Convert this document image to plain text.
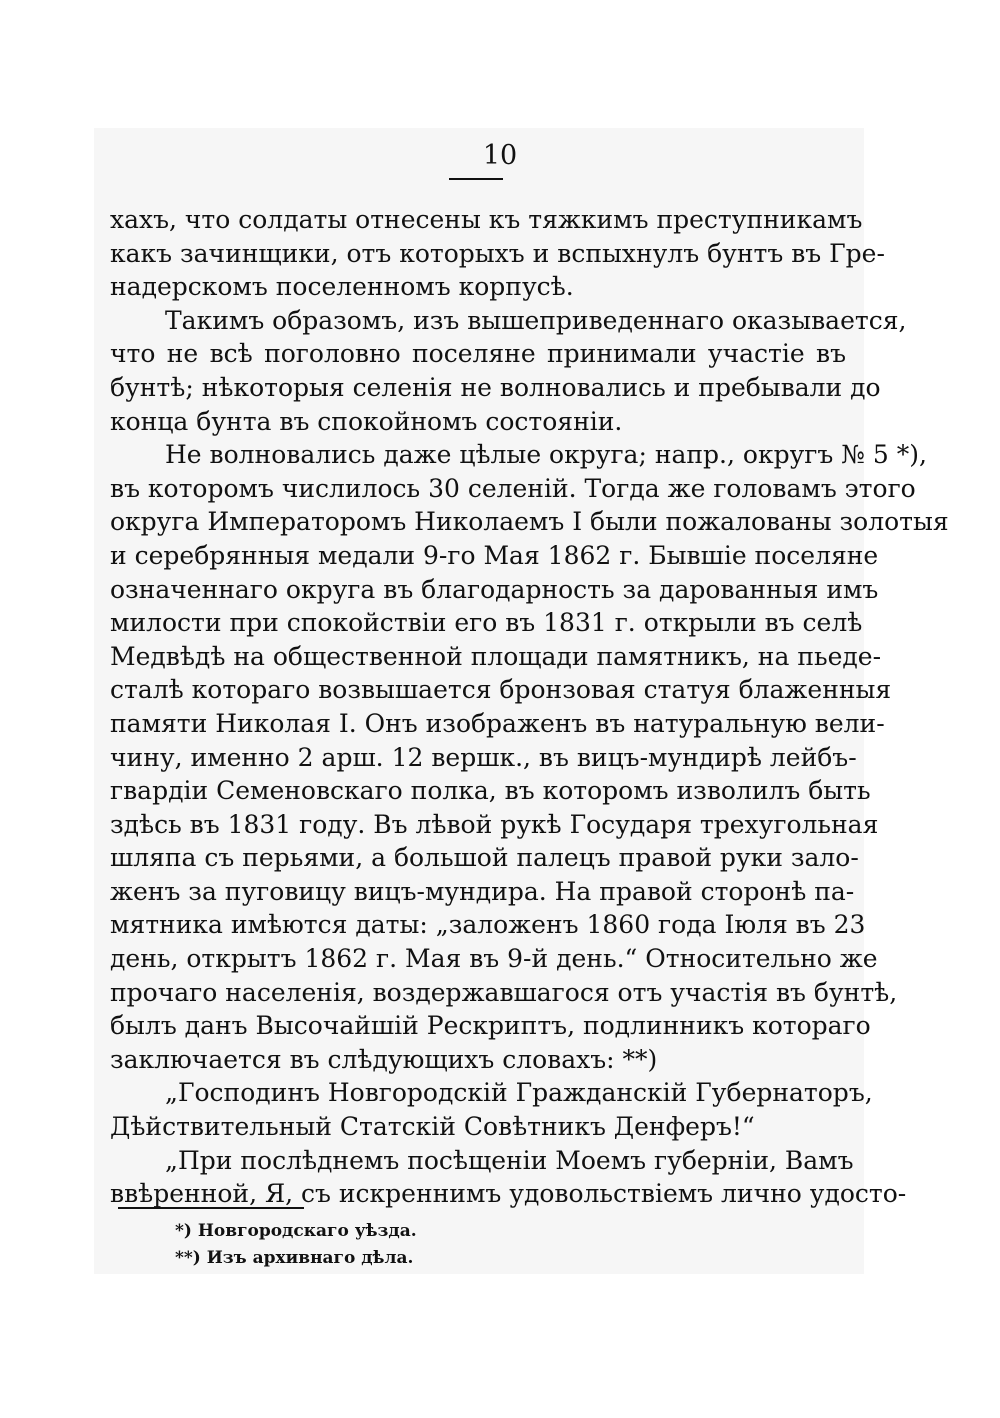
10
хахъ, что солдаты отнесены къ тяжкимъ преступникамъ
какъ зачинщики, отъ которыхъ и вспыхнулъ бунтъ въ Гре-
надерскомъ поселенномъ корпусѣ.
Такимъ образомъ, изъ вышеприведеннаго оказывается,
что не всѣ поголовно поселяне принимали участіе въ
бунтѣ; нѣкоторыя селенія не волновались и пребывали до
конца бунта въ спокойномъ состояніи.
Не волновались даже цѣлые округа; напр., округъ № 5 *),
въ которомъ числилось 30 селеній. Тогда же головамъ этого
округа Императоромъ Николаемъ I были пожалованы золотыя
и серебрянныя медали 9-го Мая 1862 г. Бывшіе поселяне
означеннаго округа въ благодарность за дарованныя имъ
милости при спокойствіи его въ 1831 г. открыли въ селѣ
Медвѣдѣ на общественной площади памятникъ, на пьеде-
сталѣ котораго возвышается бронзовая статуя блаженныя
памяти Николая I. Онъ изображенъ въ натуральную вели-
чину, именно 2 арш. 12 вершк., въ вицъ-мундирѣ лейбъ-
гвардіи Семеновскаго полка, въ которомъ изволилъ быть
здѣсь въ 1831 году. Въ лѣвой рукѣ Государя трехугольная
шляпа съ перьями, а большой палецъ правой руки зало-
женъ за пуговицу вицъ-мундира. На правой сторонѣ па-
мятника имѣются даты: „заложенъ 1860 года Іюля въ 23
день, открытъ 1862 г. Мая въ 9-й день.“ Относительно же
прочаго населенія, воздержавшагося отъ участія въ бунтѣ,
былъ данъ Высочайшій Рескриптъ, подлинникъ котораго
заключается въ слѣдующихъ словахъ: **)
„Господинъ Новгородскій Гражданскій Губернаторъ,
Дѣйствительный Статскій Совѣтникъ Денферъ!“
„При послѣднемъ посѣщеніи Моемъ губерніи, Вамъ
ввѣренной, Я, съ искреннимъ удовольствіемъ лично удосто-
*) Новгородскаго уѣзда.
**) Изъ архивнаго дѣла.
